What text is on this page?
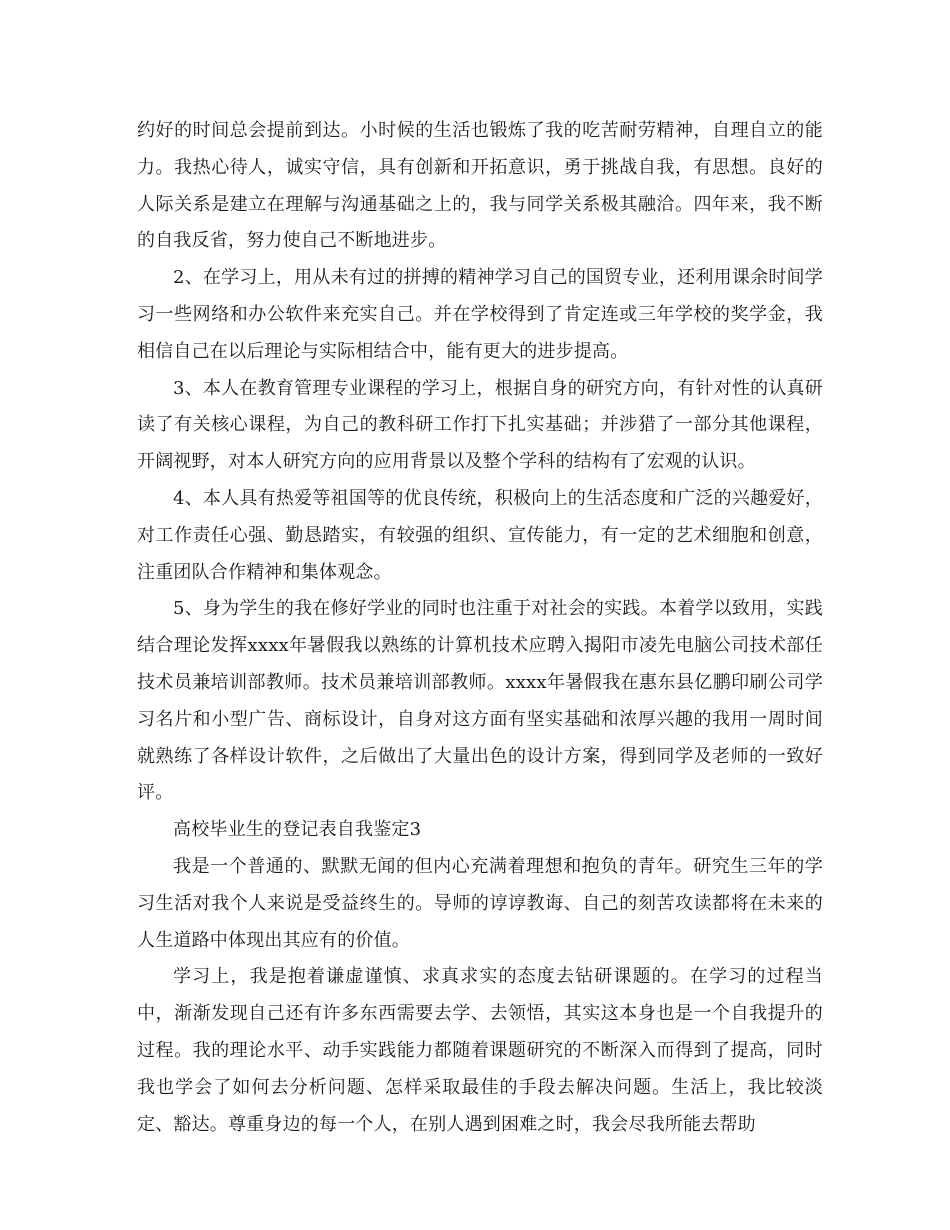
约好的时间总会提前到达。小时候的生活也锻炼了我的吃苦耐劳精神，自理自立的能力。我热心待人，诚实守信，具有创新和开拓意识，勇于挑战自我，有思想。良好的人际关系是建立在理解与沟通基础之上的，我与同学关系极其融洽。四年来，我不断的自我反省，努力使自己不断地进步。

2、在学习上，用从未有过的拼搏的精神学习自己的国贸专业，还利用课余时间学习一些网络和办公软件来充实自己。并在学校得到了肯定连或三年学校的奖学金，我相信自己在以后理论与实际相结合中，能有更大的进步提高。

3、本人在教育管理专业课程的学习上，根据自身的研究方向，有针对性的认真研读了有关核心课程，为自己的教科研工作打下扎实基础；并涉猎了一部分其他课程，开阔视野，对本人研究方向的应用背景以及整个学科的结构有了宏观的认识。

4、本人具有热爱等祖国等的优良传统，积极向上的生活态度和广泛的兴趣爱好，对工作责任心强、勤恳踏实，有较强的组织、宣传能力，有一定的艺术细胞和创意，注重团队合作精神和集体观念。

5、身为学生的我在修好学业的同时也注重于对社会的实践。本着学以致用，实践结合理论发挥xxxx年暑假我以熟练的计算机技术应聘入揭阳市凌先电脑公司技术部任技术员兼培训部教师。技术员兼培训部教师。xxxx年暑假我在惠东县亿鹏印刷公司学习名片和小型广告、商标设计，自身对这方面有坚实基础和浓厚兴趣的我用一周时间就熟练了各样设计软件，之后做出了大量出色的设计方案，得到同学及老师的一致好评。

高校毕业生的登记表自我鉴定3

我是一个普通的、默默无闻的但内心充满着理想和抱负的青年。研究生三年的学习生活对我个人来说是受益终生的。导师的谆谆教诲、自己的刻苦攻读都将在未来的人生道路中体现出其应有的价值。

学习上，我是抱着谦虚谨慎、求真求实的态度去钻研课题的。在学习的过程当中，渐渐发现自己还有许多东西需要去学、去领悟，其实这本身也是一个自我提升的过程。我的理论水平、动手实践能力都随着课题研究的不断深入而得到了提高，同时我也学会了如何去分析问题、怎样采取最佳的手段去解决问题。生活上，我比较淡定、豁达。尊重身边的每一个人，在别人遇到困难之时，我会尽我所能去帮助
